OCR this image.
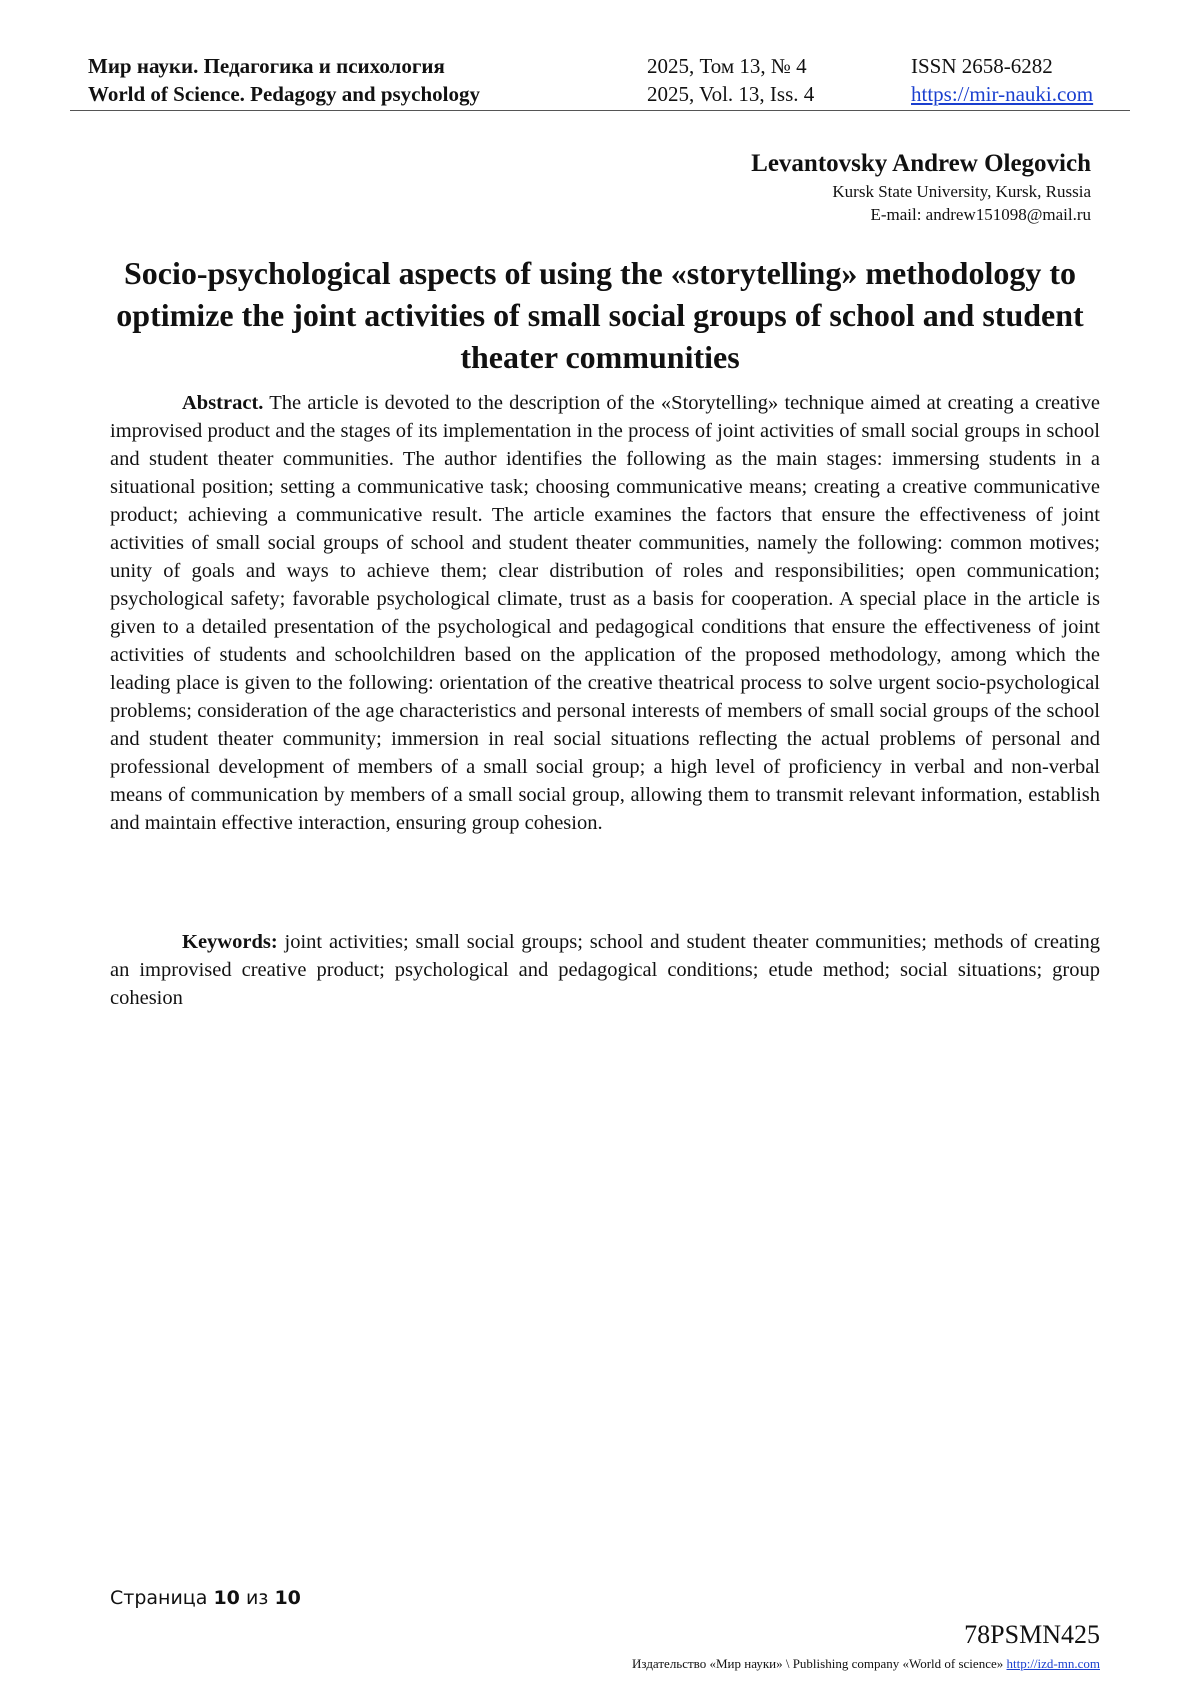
Мир науки. Педагогика и психология	2025, Том 13, № 4	ISSN 2658-6282
World of Science. Pedagogy and psychology	2025, Vol. 13, Iss. 4	https://mir-nauki.com
Levantovsky Andrew Olegovich
Kursk State University, Kursk, Russia
E-mail: andrew151098@mail.ru
Socio-psychological aspects of using the «storytelling» methodology to optimize the joint activities of small social groups of school and student theater communities

Abstract. The article is devoted to the description of the «Storytelling» technique aimed at creating a creative improvised product and the stages of its implementation in the process of joint activities of small social groups in school and student theater communities. The author identifies the following as the main stages: immersing students in a situational position; setting a communicative task; choosing communicative means; creating a creative communicative product; achieving a communicative result. The article examines the factors that ensure the effectiveness of joint activities of small social groups of school and student theater communities, namely the following: common motives; unity of goals and ways to achieve them; clear distribution of roles and responsibilities; open communication; psychological safety; favorable psychological climate, trust as a basis for cooperation. A special place in the article is given to a detailed presentation of the psychological and pedagogical conditions that ensure the effectiveness of joint activities of students and schoolchildren based on the application of the proposed methodology, among which the leading place is given to the following: orientation of the creative theatrical process to solve urgent socio-psychological problems; consideration of the age characteristics and personal interests of members of small social groups of the school and student theater community; immersion in real social situations reflecting the actual problems of personal and professional development of members of a small social group; a high level of proficiency in verbal and non-verbal means of communication by members of a small social group, allowing them to transmit relevant information, establish and maintain effective interaction, ensuring group cohesion.

Keywords: joint activities; small social groups; school and student theater communities; methods of creating an improvised creative product; psychological and pedagogical conditions; etude method; social situations; group cohesion

Страница 10 из 10
78PSMN425
Издательство «Мир науки» \ Publishing company «World of science» http://izd-mn.com
